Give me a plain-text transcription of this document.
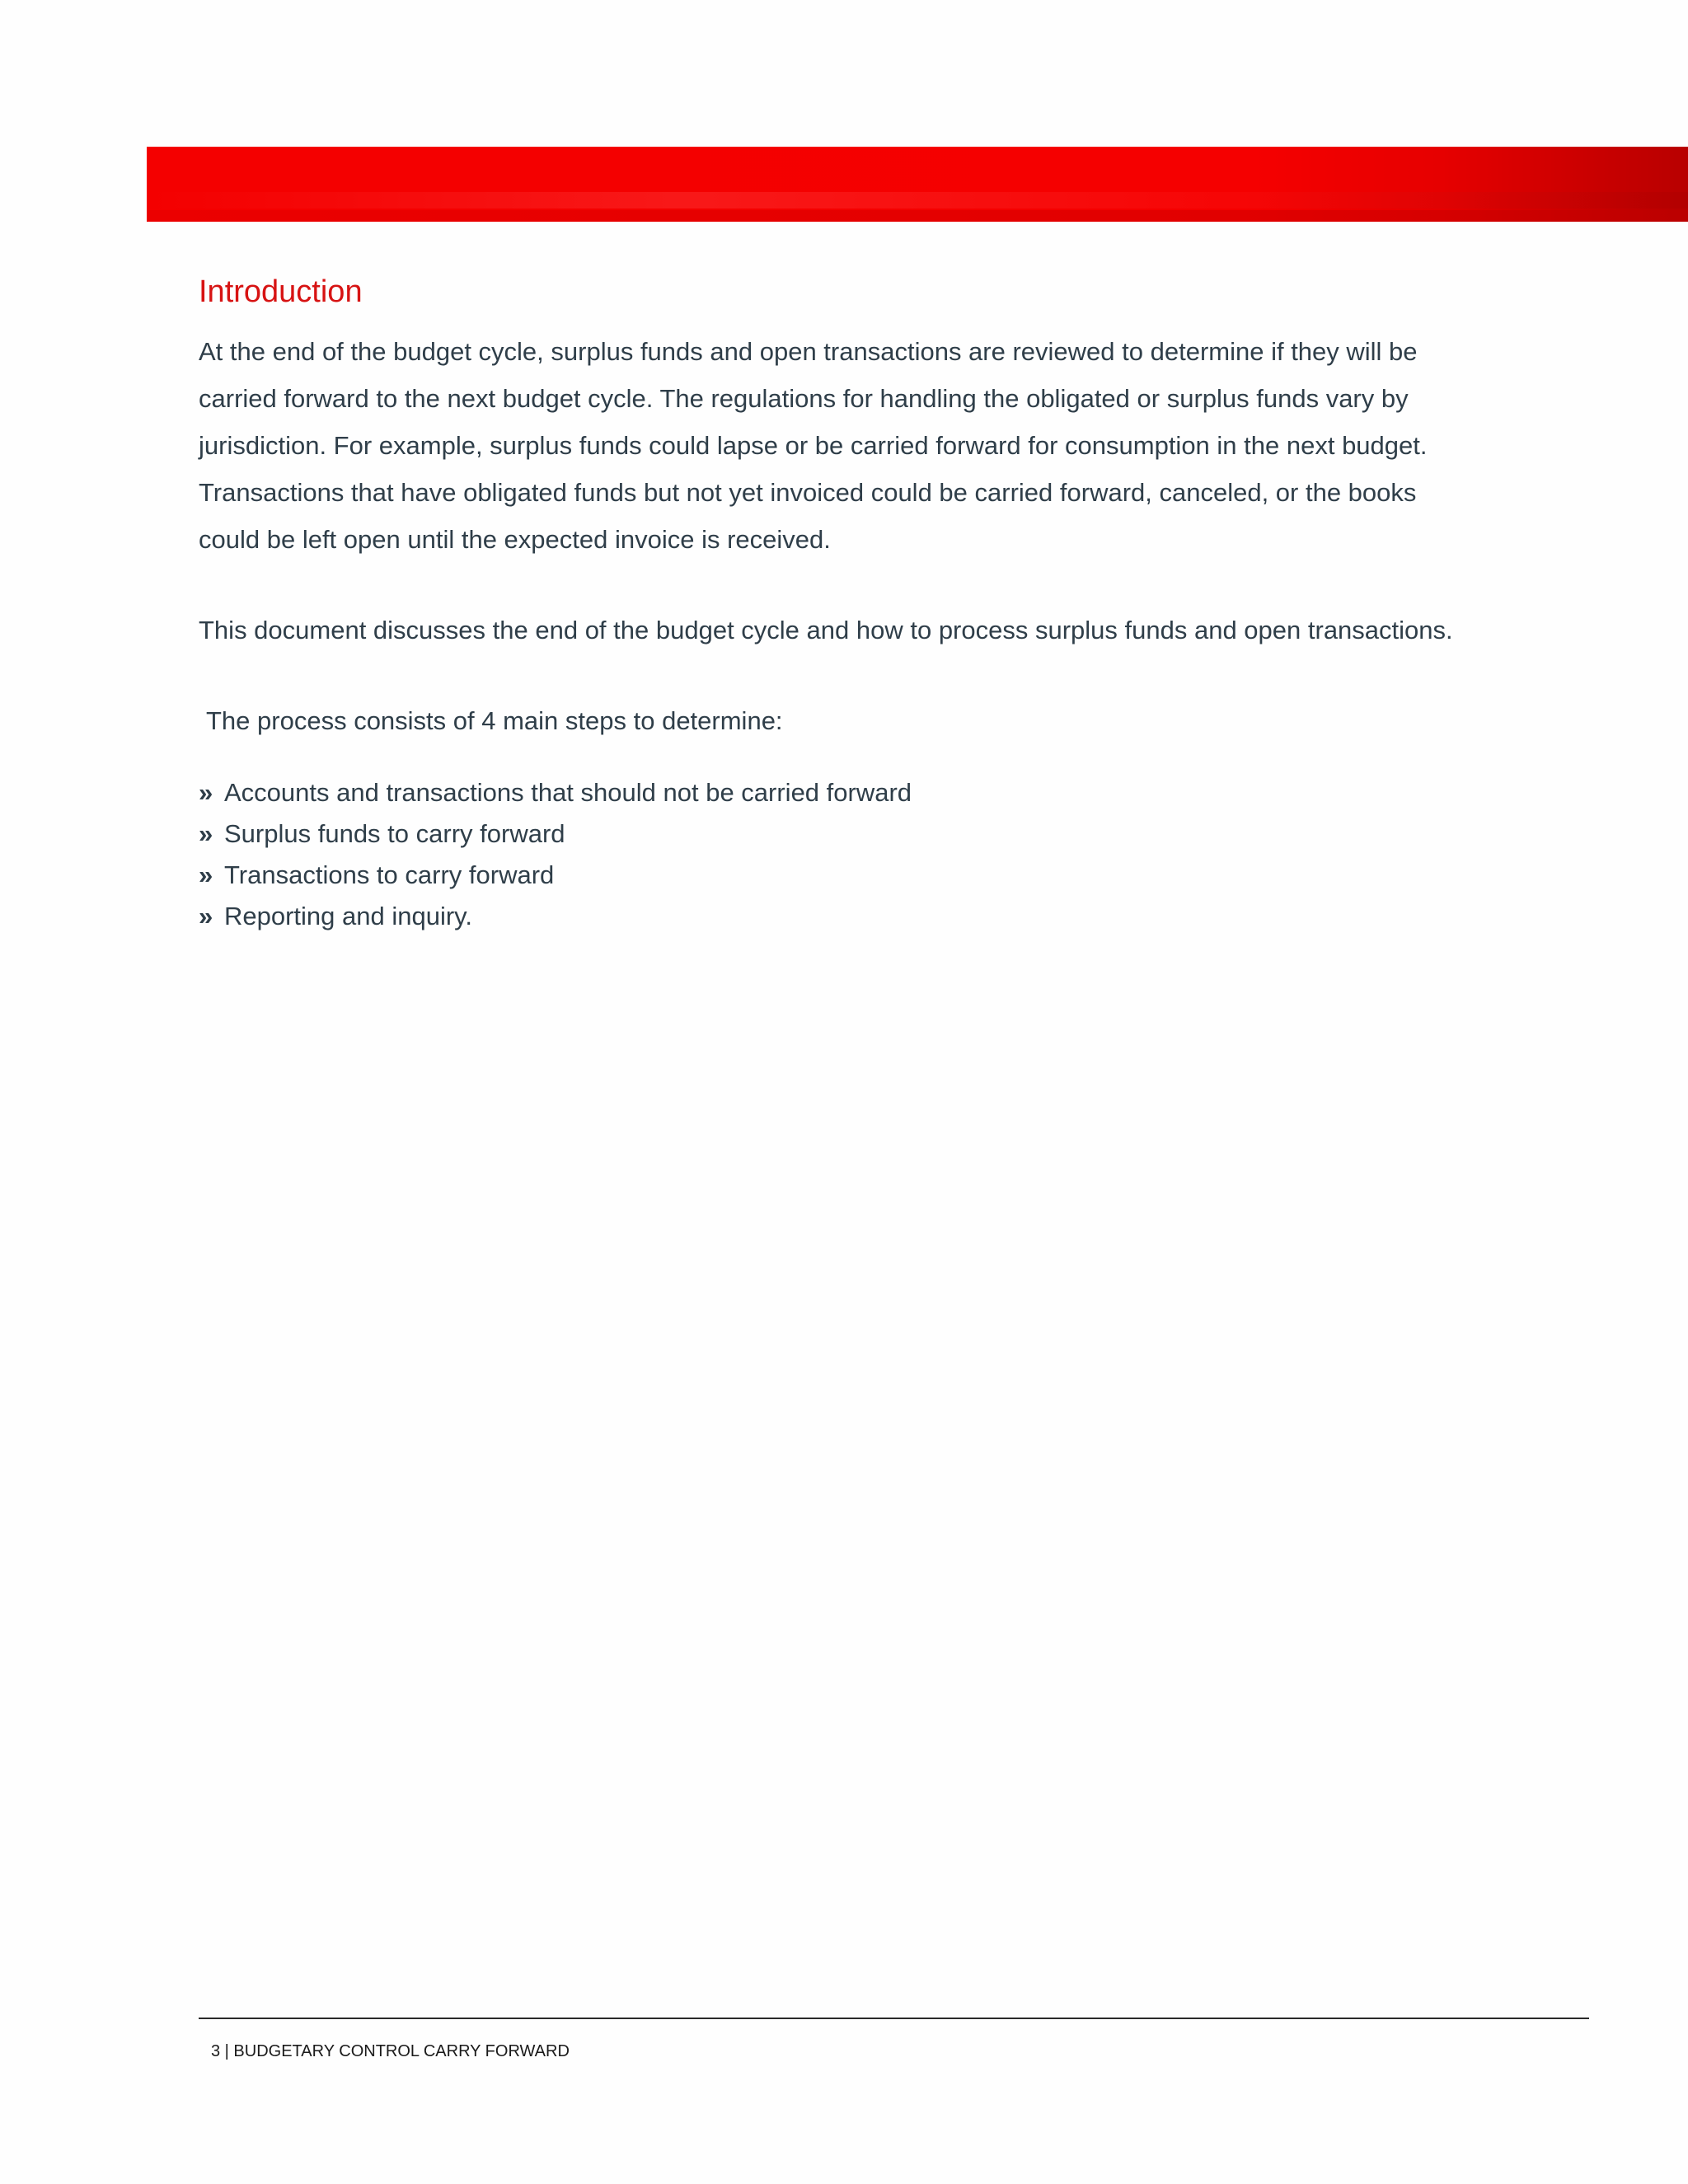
Introduction

At the end of the budget cycle, surplus funds and open transactions are reviewed to determine if they will be
carried forward to the next budget cycle. The regulations for handling the obligated or surplus funds vary by
jurisdiction. For example, surplus funds could lapse or be carried forward for consumption in the next budget.
Transactions that have obligated funds but not yet invoiced could be carried forward, canceled, or the books
could be left open until the expected invoice is received.

This document discusses the end of the budget cycle and how to process surplus funds and open transactions.

The process consists of 4 main steps to determine:

» Accounts and transactions that should not be carried forward
» Surplus funds to carry forward
» Transactions to carry forward
» Reporting and inquiry.
3 | BUDGETARY CONTROL CARRY FORWARD
